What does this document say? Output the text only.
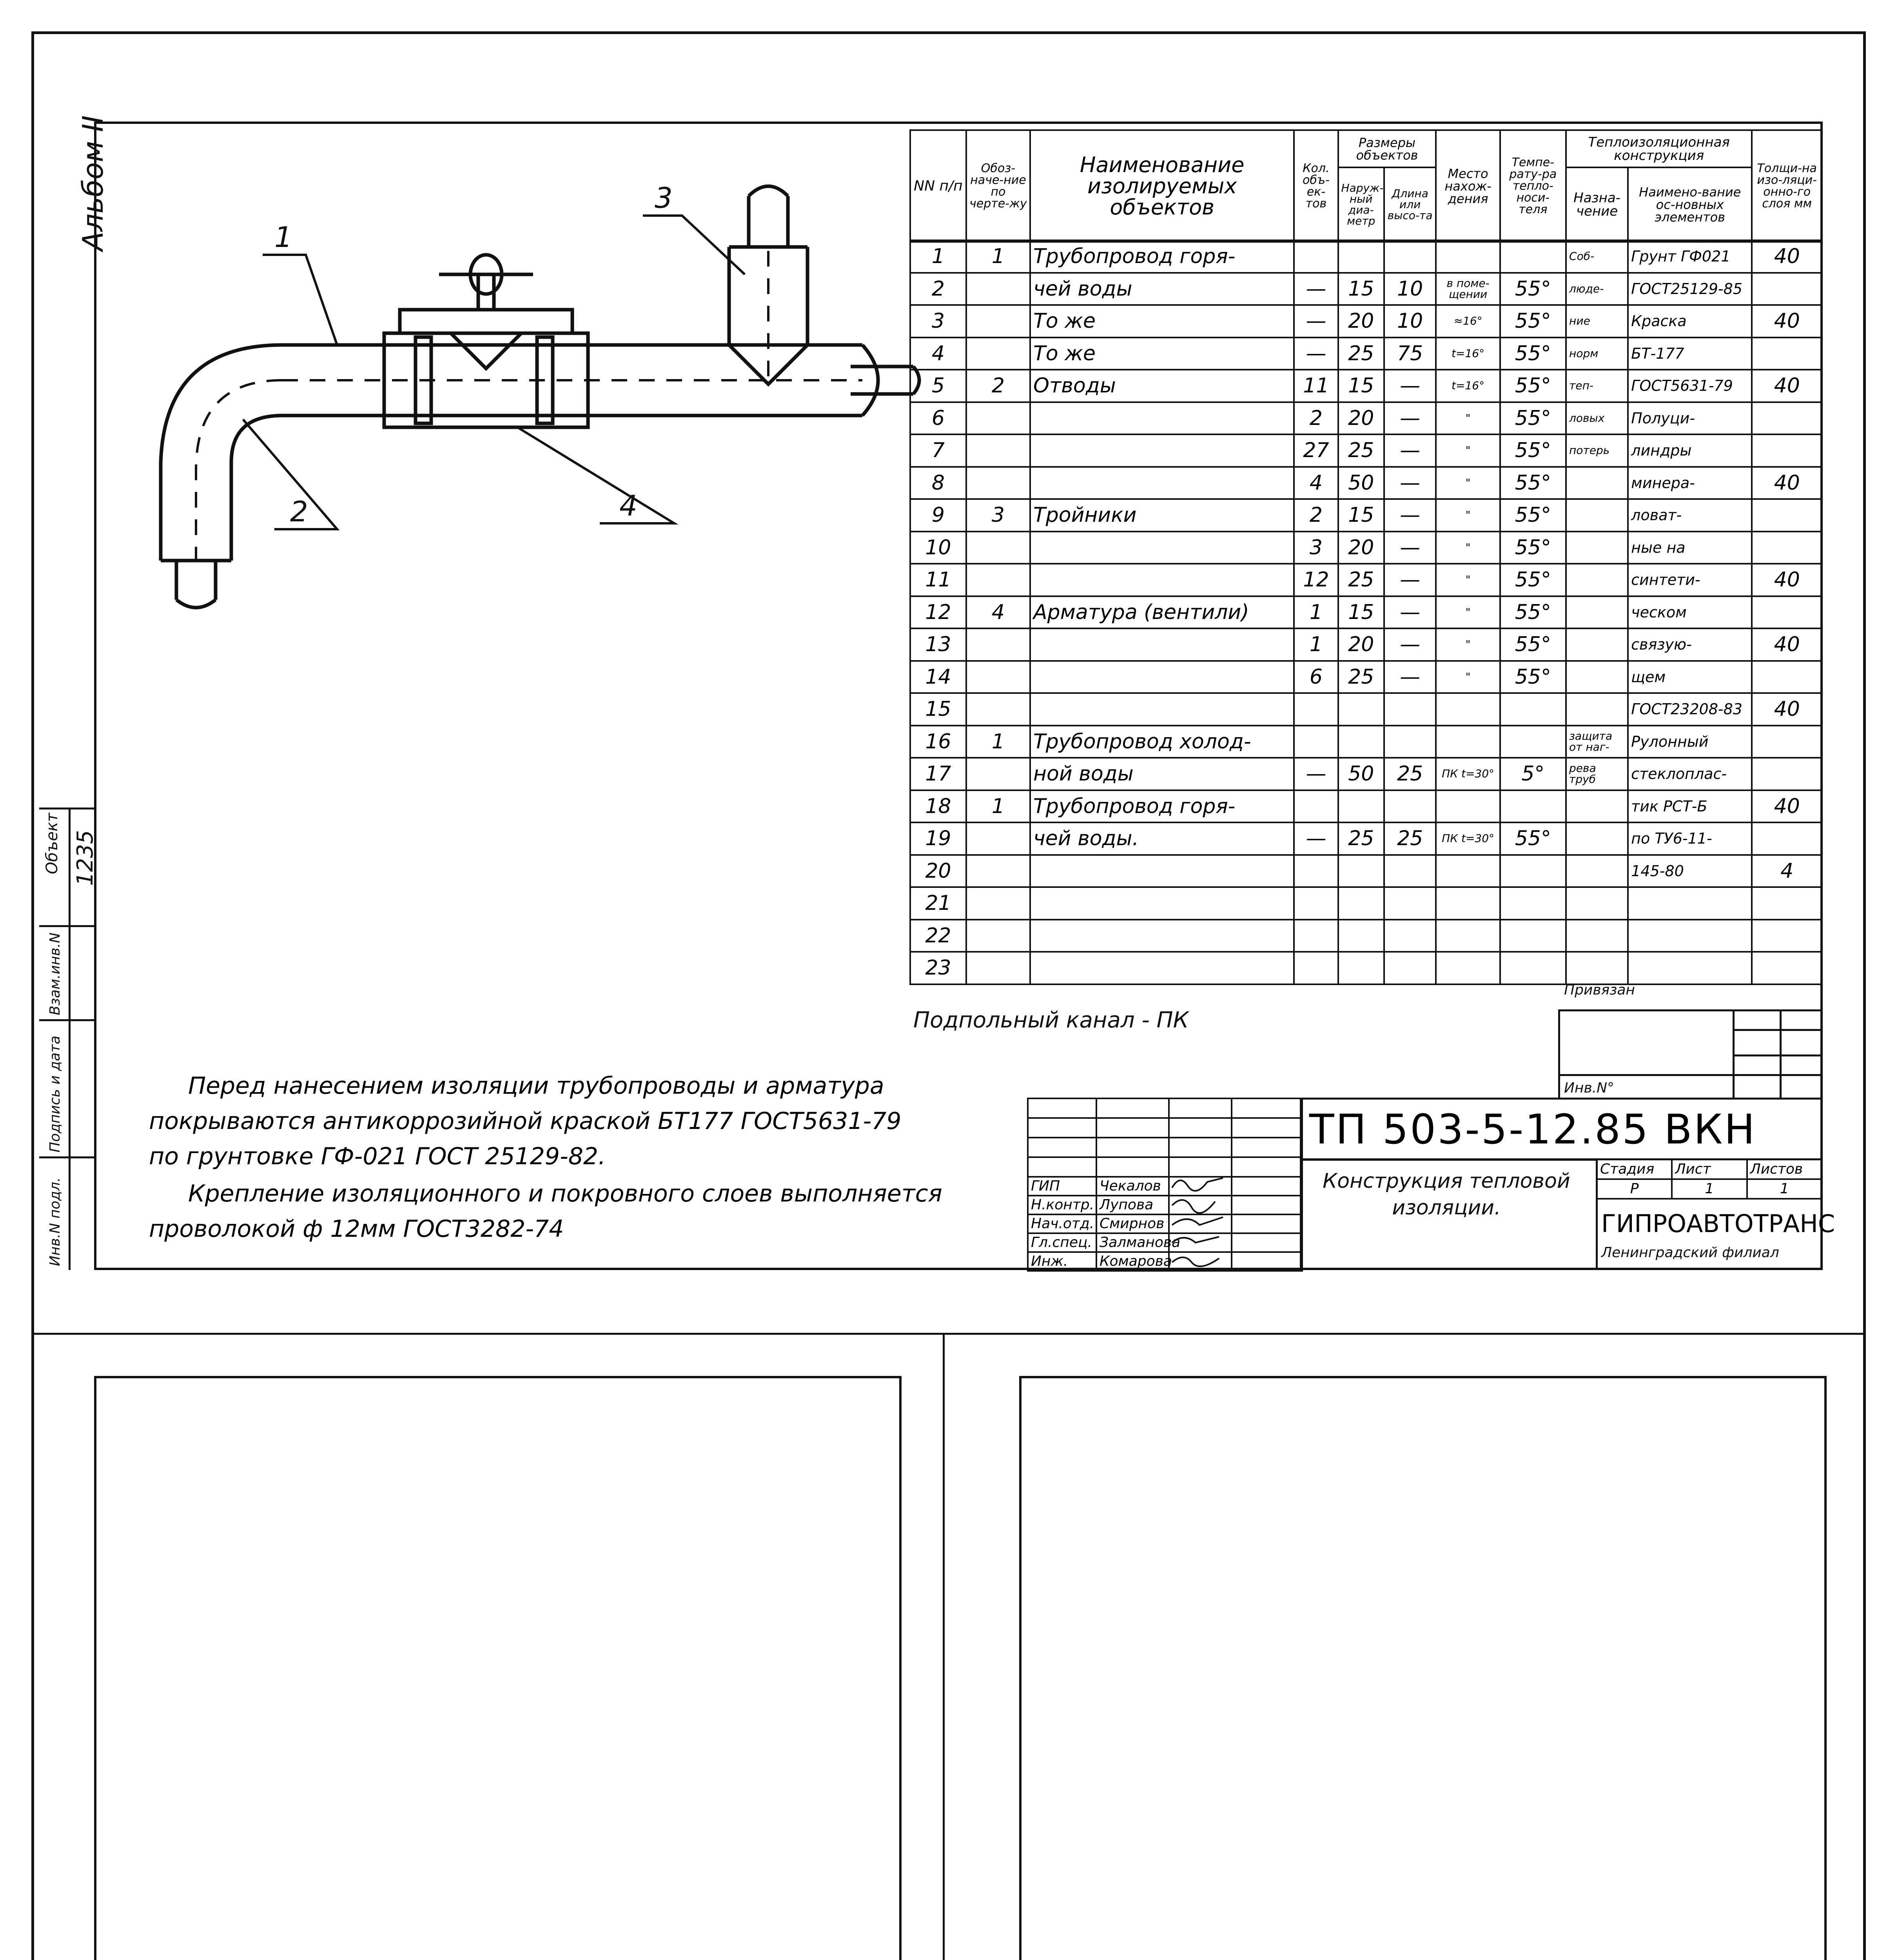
Альбом II
Объект 1235
Взам.инв.N
Подпись и дата
Инв.N подл.
1
2
3
4
NN п/п	Обоз-наче-ние по черте-жу	Наименование изолируемых объектов	Кол. объ-ек-тов	Размеры объектов		Место нахож-дения	Темпе-рату-ра тепло-носи-теля	Теплоизоляционная конструкция		Толщи-на изо-ляци-онно-го слоя мм
				Наруж-ный диа-метр	Длина или высо-та			Назна-чение	Наимено-вание ос-новных элементов	
1	1	Трубопровод горя-						Соб-	Грунт ГФ021	40
2		чей воды	—	15	10	в поме-щении	55°	люде-	ГОСТ25129-85	
3		То же	—	20	10	≈16°	55°	ние	Краска	40
4		То же	—	25	75	t=16°	55°	норм	БТ-177	
5	2	Отводы	11	15	—	t=16°	55°	теп-	ГОСТ5631-79	40
6			2	20	—	"	55°	ловых	Полуци-	
7			27	25	—	"	55°	потерь	линдры	
8			4	50	—	"	55°		минера-	40
9	3	Тройники	2	15	—	"	55°		ловат-	
10			3	20	—	"	55°		ные на	
11			12	25	—	"	55°		синтети-	40
12	4	Арматура (вентили)	1	15	—	"	55°		ческом	
13			1	20	—	"	55°		связую-	40
14			6	25	—	"	55°		щем	
15									ГОСТ23208-83	40
16	1	Трубопровод холод-						защита от наг-	Рулонный	
17		ной воды	—	50	25	ПК t=30°	5°	рева труб	стеклоплас-	
18	1	Трубопровод горя-							тик РСТ-Б	40
19		чей воды.	—	25	25	ПК t=30°	55°		по ТУ6-11-	
20									145-80	4
21										
22										
23										
Подпольный канал - ПК
Привязан
Инв.N°
Перед нанесением изоляции трубопроводы и арматура
покрываются антикоррозийной краской БТ177 ГОСТ5631-79
по грунтовке ГФ-021 ГОСТ 25129-82.
Крепление изоляционного и покровного слоев выполняется
проволокой ф 12мм ГОСТ3282-74

ГИП	Чекалов		
Н.контр.	Лупова		
Нач.отд.	Смирнов		
Гл.спец.	Залманова		
Инж.	Комарова		
ТП 503-5-12.85 ВКН
Конструкция тепловой изоляции.
Стадия	Лист	Листов
Р	1	1
ГИПРОАВТОТРАНС
Ленинградский филиал
